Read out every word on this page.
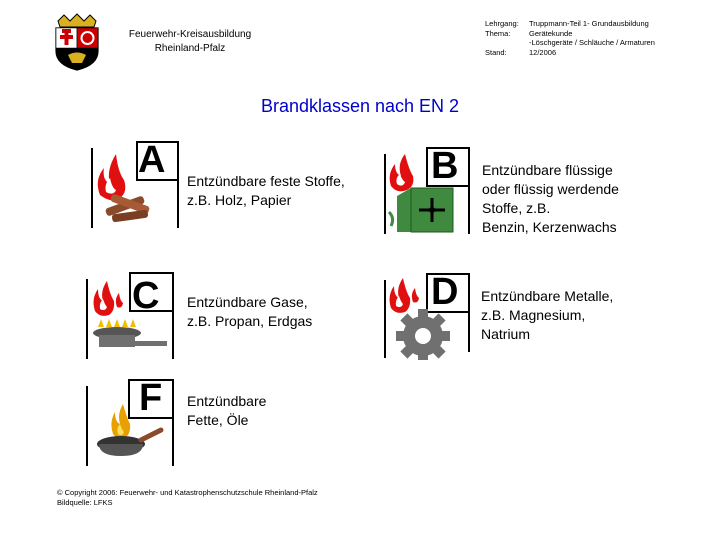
Feuerwehr-Kreisausbildung
Rheinland-Pfalz
Lehrgang:	Truppmann-Teil 1- Grundausbildung
Thema:	Gerätekunde
-Löschgeräte / Schläuche / Armaturen
Stand:	12/2006
Brandklassen nach EN 2
A Entzündbare feste Stoffe,
z.B. Holz, Papier
B Entzündbare flüssige
oder flüssig werdende
Stoffe, z.B.
Benzin, Kerzenwachs
C Entzündbare Gase,
z.B. Propan, Erdgas
D Entzündbare Metalle,
z.B. Magnesium,
Natrium
F Entzündbare
Fette, Öle
© Copyright 2006: Feuerwehr- und Katastrophenschutzschule Rheinland-Pfalz
Bildquelle: LFKS
